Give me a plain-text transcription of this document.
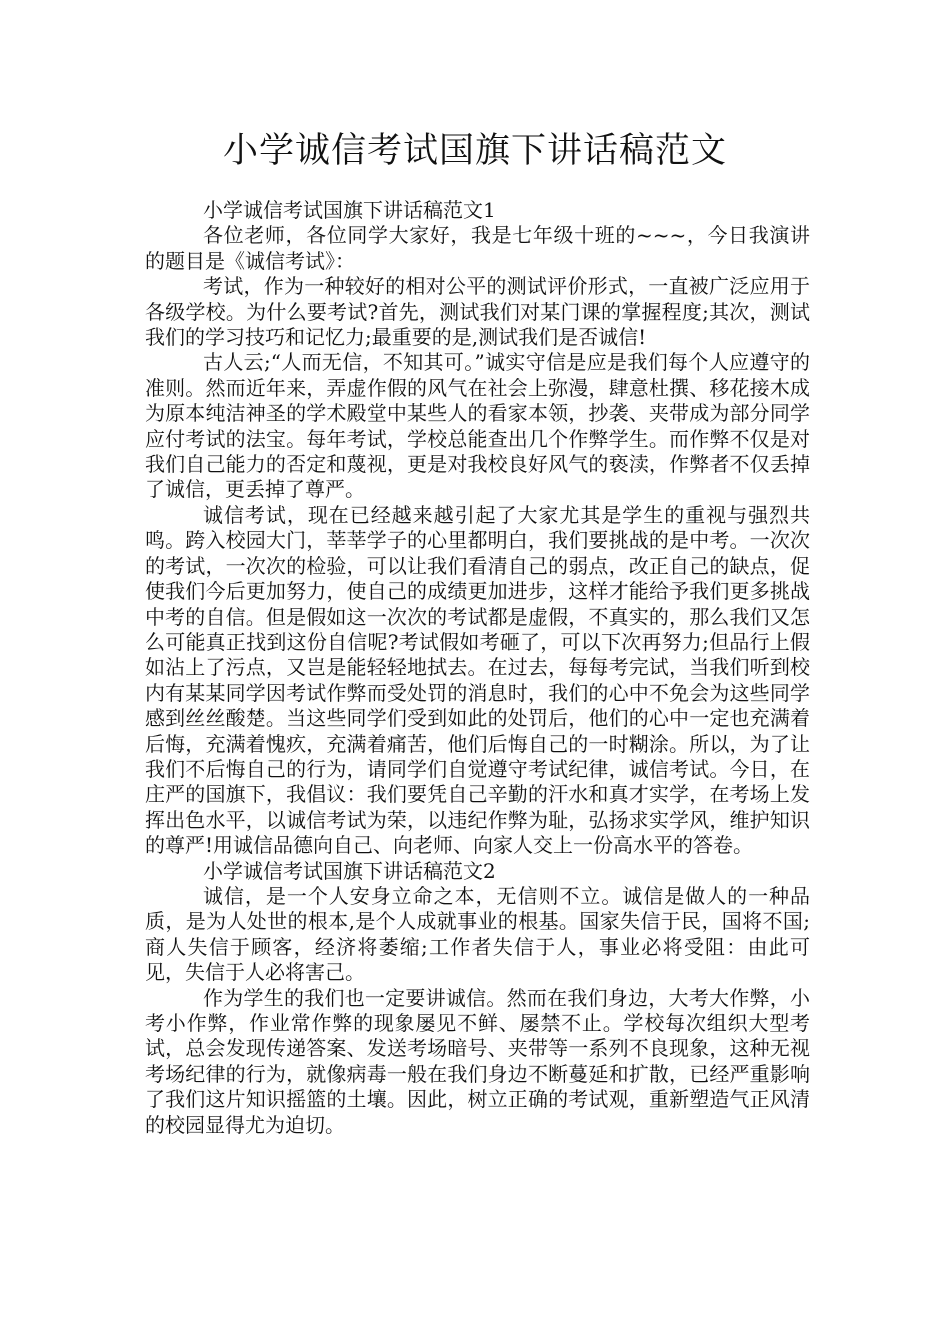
小学诚信考试国旗下讲话稿范文

小学诚信考试国旗下讲话稿范文1

各位老师，各位同学大家好，我是七年级十班的~~~，今日我演讲的题目是《诚信考试》：

考试，作为一种较好的相对公平的测试评价形式，一直被广泛应用于各级学校。为什么要考试?首先，测试我们对某门课的掌握程度;其次，测试我们的学习技巧和记忆力;最重要的是,测试我们是否诚信!

古人云;“人而无信，不知其可。”诚实守信是应是我们每个人应遵守的准则。然而近年来，弄虚作假的风气在社会上弥漫，肆意杜撰、移花接木成为原本纯洁神圣的学术殿堂中某些人的看家本领，抄袭、夹带成为部分同学应付考试的法宝。每年考试，学校总能查出几个作弊学生。而作弊不仅是对我们自己能力的否定和蔑视，更是对我校良好风气的亵渎，作弊者不仅丢掉了诚信，更丢掉了尊严。

诚信考试，现在已经越来越引起了大家尤其是学生的重视与强烈共鸣。跨入校园大门，莘莘学子的心里都明白，我们要挑战的是中考。一次次的考试，一次次的检验，可以让我们看清自己的弱点，改正自己的缺点，促使我们今后更加努力，使自己的成绩更加进步，这样才能给予我们更多挑战中考的自信。但是假如这一次次的考试都是虚假，不真实的，那么我们又怎么可能真正找到这份自信呢?考试假如考砸了，可以下次再努力;但品行上假如沾上了污点，又岂是能轻轻地拭去。在过去，每每考完试，当我们听到校内有某某同学因考试作弊而受处罚的消息时，我们的心中不免会为这些同学感到丝丝酸楚。当这些同学们受到如此的处罚后，他们的心中一定也充满着后悔，充满着愧疚，充满着痛苦，他们后悔自己的一时糊涂。所以，为了让我们不后悔自己的行为，请同学们自觉遵守考试纪律，诚信考试。今日，在庄严的国旗下，我倡议：我们要凭自己辛勤的汗水和真才实学，在考场上发挥出色水平，以诚信考试为荣，以违纪作弊为耻，弘扬求实学风，维护知识的尊严!用诚信品德向自己、向老师、向家人交上一份高水平的答卷。

小学诚信考试国旗下讲话稿范文2

诚信，是一个人安身立命之本，无信则不立。诚信是做人的一种品质，是为人处世的根本,是个人成就事业的根基。国家失信于民，国将不国;商人失信于顾客，经济将萎缩;工作者失信于人，事业必将受阻：由此可见，失信于人必将害己。

作为学生的我们也一定要讲诚信。然而在我们身边，大考大作弊，小考小作弊，作业常作弊的现象屡见不鲜、屡禁不止。学校每次组织大型考试，总会发现传递答案、发送考场暗号、夹带等一系列不良现象，这种无视考场纪律的行为，就像病毒一般在我们身边不断蔓延和扩散，已经严重影响了我们这片知识摇篮的土壤。因此，树立正确的考试观，重新塑造气正风清的校园显得尤为迫切。
